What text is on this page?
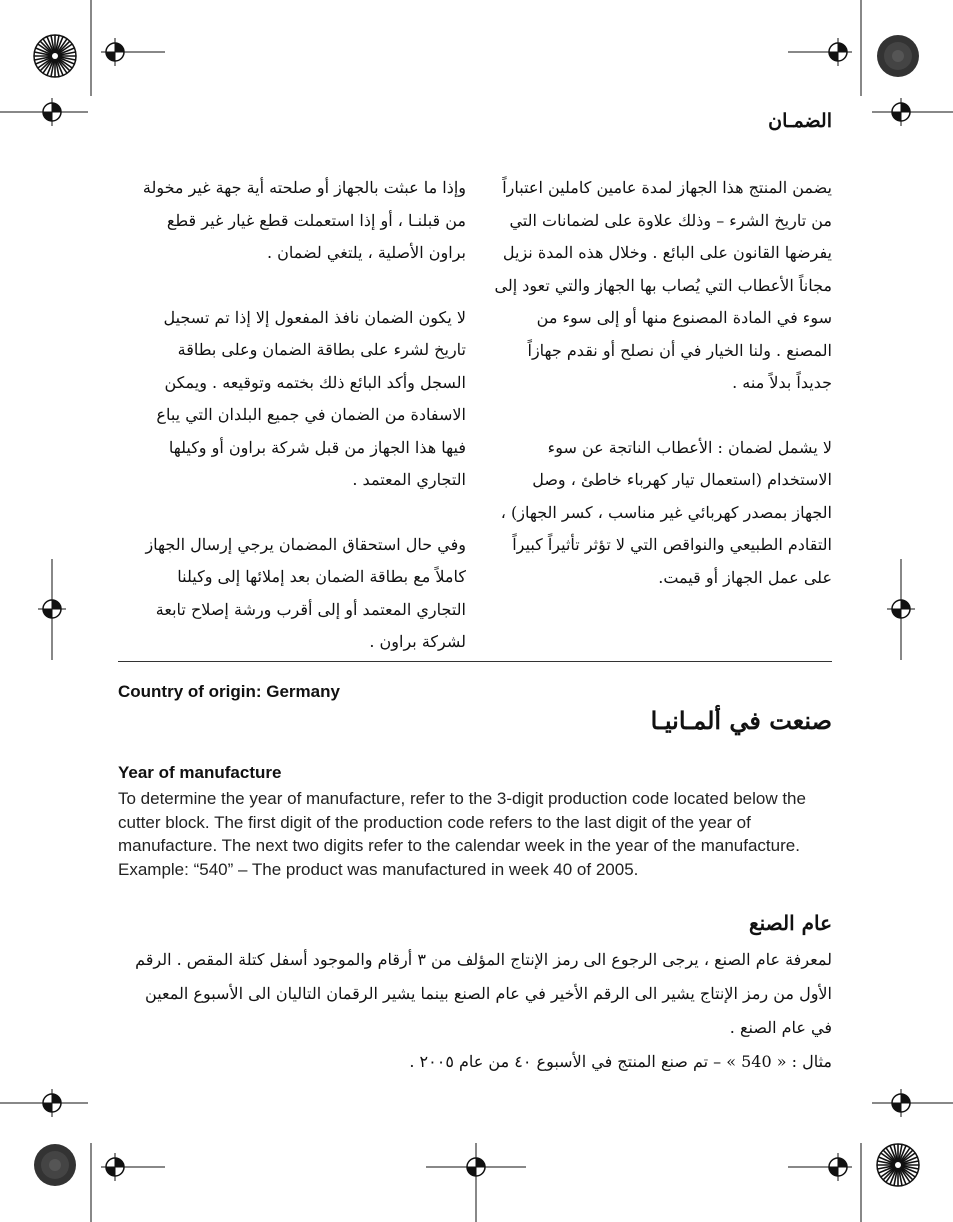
الضمـان

يضمن المنتج هذا الجهاز لمدة عامين كاملين اعتباراً من تاريخ الشرء – وذلك علاوة على لضمانات التي يفرضها القانون على البائع . وخلال هذه المدة نزيل مجاناً الأعطاب التي يُصاب بها الجهاز والتي تعود إلى سوء في المادة المصنوع منها أو إلى سوء من المصنع . ولنا الخيار في أن نصلح أو نقدم جهازاً جديداً بدلاً منه .

لا يشمل لضمان : الأعطاب الناتجة عن سوء الاستخدام (استعمال تيار كهرباء خاطئ ، وصل الجهاز بمصدر كهربائي غير مناسب ، كسر الجهاز) ، التقادم الطبيعي والنواقص التي لا تؤثر تأثيراً كبيراً على عمل الجهاز أو قيمت.

وإذا ما عبثت بالجهاز أو صلحته أية جهة غير مخولة من قبلنـا ، أو إذا استعملت قطع غيار غير قطع براون الأصلية ، يلتغي لضمان .

لا يكون الضمان نافذ المفعول إلا إذا تم تسجيل تاريخ لشرء على بطاقة الضمان وعلى بطاقة السجل وأكد البائع ذلك بختمه وتوقيعه . ويمكن الاسفادة من الضمان في جميع البلدان التي يباع فيها هذا الجهاز من قبل شركة براون أو وكيلها التجاري المعتمد .

وفي حال استحقاق المضمان يرجي إرسال الجهاز كاملاً مع بطاقة الضمان بعد إملائها إلى وكيلنا التجاري المعتمد أو إلى أقرب ورشة إصلاح تابعة لشركة براون .

Country of origin: Germany

صنعت في ألمـانيـا

Year of manufacture

To determine the year of manufacture, refer to the 3-digit production code located below the cutter block. The first digit of the production code refers to the last digit of the year of manufacture. The next two digits refer to the calendar week in the year of the manufacture.

Example: “540” – The product was manufactured in week 40 of 2005.

عام الصنع

لمعرفة عام الصنع ، يرجى الرجوع الى رمز الإنتاج المؤلف من ٣ أرقام والموجود أسفل كتلة المقص . الرقم الأول من رمز الإنتاج يشير الى الرقم الأخير في عام الصنع بينما يشير الرقمان التاليان الى الأسبوع المعين في عام الصنع .

مثال : « 540 » – تم صنع المنتج في الأسبوع ٤٠ من عام ٢٠٠٥ .
